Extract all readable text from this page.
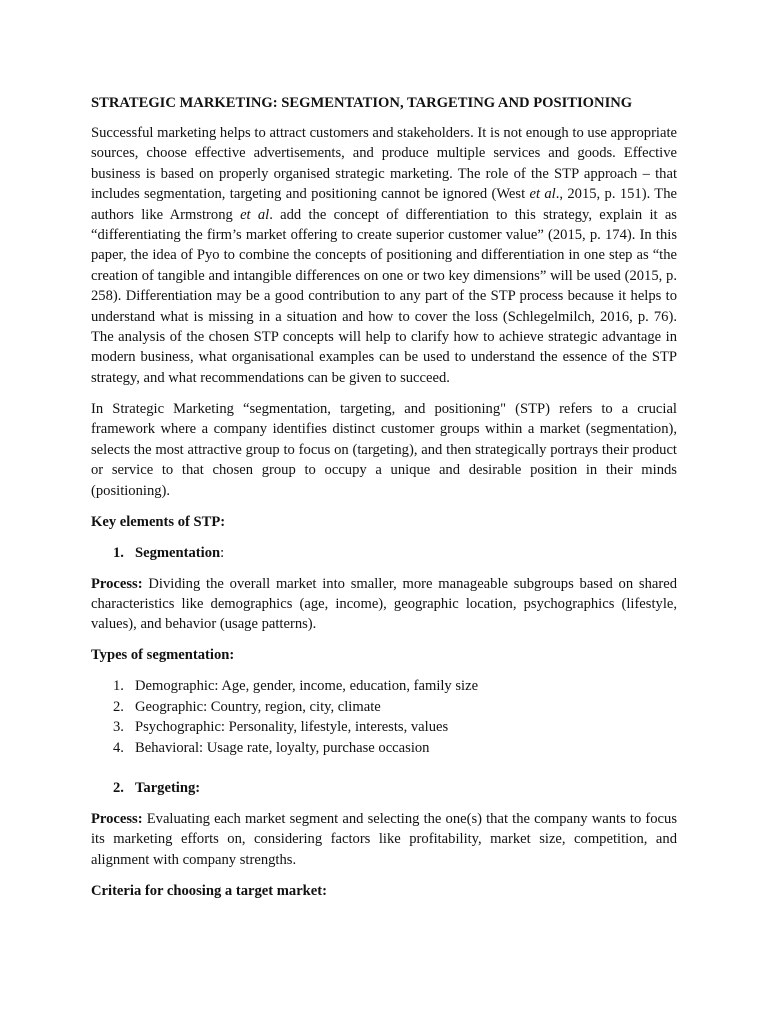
STRATEGIC MARKETING: SEGMENTATION, TARGETING AND POSITIONING

Successful marketing helps to attract customers and stakeholders. It is not enough to use appropriate sources, choose effective advertisements, and produce multiple services and goods. Effective business is based on properly organised strategic marketing. The role of the STP approach – that includes segmentation, targeting and positioning cannot be ignored (West et al., 2015, p. 151). The authors like Armstrong et al. add the concept of differentiation to this strategy, explain it as “differentiating the firm’s market offering to create superior customer value” (2015, p. 174). In this paper, the idea of Pyo to combine the concepts of positioning and differentiation in one step as “the creation of tangible and intangible differences on one or two key dimensions” will be used (2015, p. 258). Differentiation may be a good contribution to any part of the STP process because it helps to understand what is missing in a situation and how to cover the loss (Schlegelmilch, 2016, p. 76). The analysis of the chosen STP concepts will help to clarify how to achieve strategic advantage in modern business, what organisational examples can be used to understand the essence of the STP strategy, and what recommendations can be given to succeed.

In Strategic Marketing “segmentation, targeting, and positioning" (STP) refers to a crucial framework where a company identifies distinct customer groups within a market (segmentation), selects the most attractive group to focus on (targeting), and then strategically portrays their product or service to that chosen group to occupy a unique and desirable position in their minds (positioning).

Key elements of STP:
1. Segmentation:

Process: Dividing the overall market into smaller, more manageable subgroups based on shared characteristics like demographics (age, income), geographic location, psychographics (lifestyle, values), and behavior (usage patterns).

Types of segmentation:
1. Demographic: Age, gender, income, education, family size
2. Geographic: Country, region, city, climate
3. Psychographic: Personality, lifestyle, interests, values
4. Behavioral: Usage rate, loyalty, purchase occasion
2. Targeting:

Process: Evaluating each market segment and selecting the one(s) that the company wants to focus its marketing efforts on, considering factors like profitability, market size, competition, and alignment with company strengths.

Criteria for choosing a target market:
